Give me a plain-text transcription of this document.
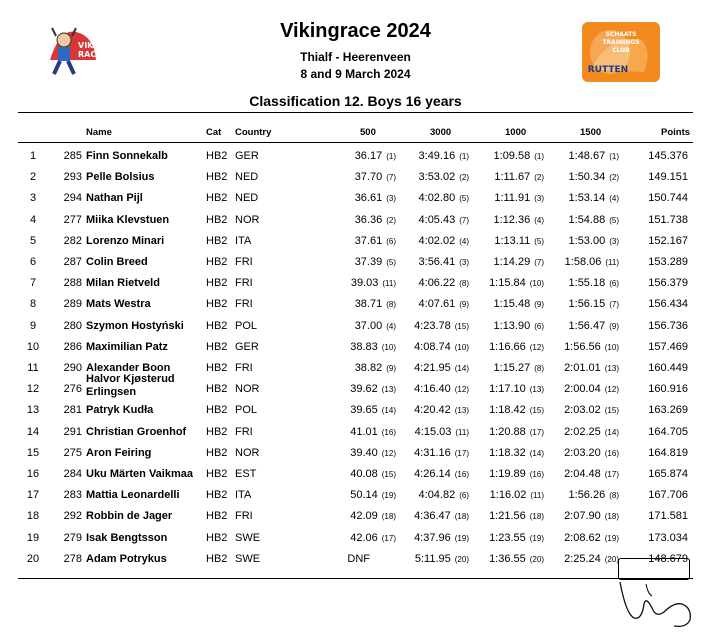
VIKING
RACE
2024
SCHAATS
TRAININGS
CLUB
RUTTEN
Vikingrace 2024
Thialf - Heerenveen
8 and 9 March 2024
Classification 12. Boys 16 years
Name	Cat Country	500	3000	1000	1500	Points
1	285 Finn Sonnekalb	HB2 GER	36.17 (1)	3:49.16 (1)	1:09.58 (1)	1:48.67 (1)	145.376
2	293 Pelle Bolsius	HB2 NED	37.70 (7)	3:53.02 (2)	1:11.67 (2)	1:50.34 (2)	149.151
3	294 Nathan Pijl	HB2 NED	36.61 (3)	4:02.80 (5)	1:11.91 (3)	1:53.14 (4)	150.744
4	277 Miika Klevstuen	HB2 NOR	36.36 (2)	4:05.43 (7)	1:12.36 (4)	1:54.88 (5)	151.738
5	282 Lorenzo Minari	HB2 ITA	37.61 (6)	4:02.02 (4)	1:13.11 (5)	1:53.00 (3)	152.167
6	287 Colin Breed	HB2 FRI	37.39 (5)	3:56.41 (3)	1:14.29 (7)	1:58.06 (11)	153.289
7	288 Milan Rietveld	HB2 FRI	39.03 (11)	4:06.22 (8)	1:15.84 (10)	1:55.18 (6)	156.379
8	289 Mats Westra	HB2 FRI	38.71 (8)	4:07.61 (9)	1:15.48 (9)	1:56.15 (7)	156.434
9	280 Szymon Hostyński HB2 POL	37.00 (4)	4:23.78 (15)	1:13.90 (6)	1:56.47 (9)	156.736
10	286 Maximilian Patz	HB2 GER	38.83 (10)	4:08.74 (10)	1:16.66 (12)	1:56.56 (10)	157.469
11	290 Alexander Boon	HB2 FRI	38.82 (9)	4:21.95 (14)	1:15.27 (8)	2:01.01 (13)	160.449
12	276
Halvor Kjøsterud
Erlingsen	HB2 NOR	39.62 (13)	4:16.40 (12)	1:17.10 (13)	2:00.04 (12)	160.916
13	281 Patryk Kudła	HB2 POL	39.65 (14)	4:20.42 (13)	1:18.42 (15)	2:03.02 (15)	163.269
14	291 Christian Groenhof HB2 FRI	41.01 (16)	4:15.03 (11)	1:20.88 (17)	2:02.25 (14)	164.705
15	275 Aron Feiring	HB2 NOR	39.40 (12)	4:31.16 (17)	1:18.32 (14)	2:03.20 (16)	164.819
16	284 Uku Märten Vaikmaa HB2 EST	40.08 (15)	4:26.14 (16)	1:19.89 (16)	2:04.48 (17)	165.874
17	283 Mattia Leonardelli HB2 ITA	50.14 (19)	4:04.82 (6)	1:16.02 (11)	1:56.26 (8)	167.706
18	292 Robbin de Jager	HB2 FRI	42.09 (18)	4:36.47 (18)	1:21.56 (18)	2:07.90 (18)	171.581
19	279 Isak Bengtsson	HB2 SWE	42.06 (17)	4:37.96 (19)	1:23.55 (19)	2:08.62 (19)	173.034
20	278 Adam Potrykus	HB2 SWE	DNF	5:11.95 (20)	1:36.55 (20)	2:25.24 (20)	148.679
